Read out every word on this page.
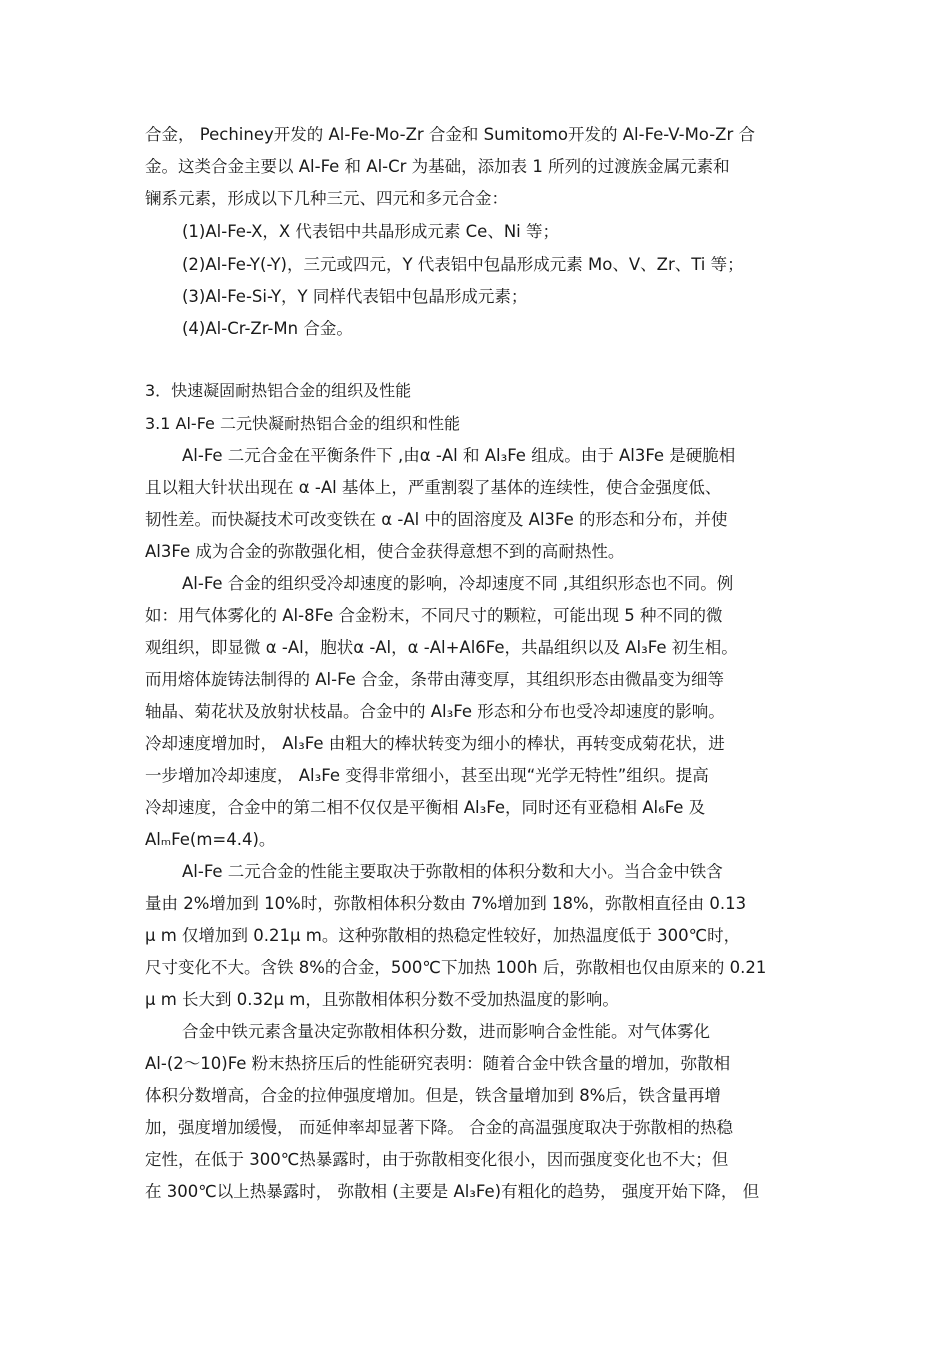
合金， Pechiney开发的 Al-Fe-Mo-Zr 合金和 Sumitomo开发的 Al-Fe-V-Mo-Zr 合
金。这类合金主要以 Al-Fe 和 Al-Cr 为基础，添加表 1 所列的过渡族金属元素和
镧系元素，形成以下几种三元、四元和多元合金：
(1)Al-Fe-X，X 代表铝中共晶形成元素 Ce、Ni 等；
(2)Al-Fe-Y(-Y)，三元或四元，Y 代表铝中包晶形成元素 Mo、V、Zr、Ti 等；
(3)Al-Fe-Si-Y，Y 同样代表铝中包晶形成元素；
(4)Al-Cr-Zr-Mn 合金。
3．快速凝固耐热铝合金的组织及性能
3.1 Al-Fe 二元快凝耐热铝合金的组织和性能
Al-Fe 二元合金在平衡条件下 ,由α -Al 和 Al₃Fe 组成。由于 Al3Fe 是硬脆相
且以粗大针状出现在 α -Al 基体上，严重割裂了基体的连续性，使合金强度低、
韧性差。而快凝技术可改变铁在 α -Al 中的固溶度及 Al3Fe 的形态和分布，并使
Al3Fe 成为合金的弥散强化相，使合金获得意想不到的高耐热性。
Al-Fe 合金的组织受冷却速度的影响，冷却速度不同 ,其组织形态也不同。例
如：用气体雾化的 Al-8Fe 合金粉末，不同尺寸的颗粒，可能出现 5 种不同的微
观组织，即显微 α -Al，胞状α -Al，α -Al+Al6Fe，共晶组织以及 Al₃Fe 初生相。
而用熔体旋铸法制得的 Al-Fe 合金，条带由薄变厚，其组织形态由微晶变为细等
轴晶、菊花状及放射状枝晶。合金中的 Al₃Fe 形态和分布也受冷却速度的影响。
冷却速度增加时， Al₃Fe 由粗大的棒状转变为细小的棒状，再转变成菊花状，进
一步增加冷却速度， Al₃Fe 变得非常细小，甚至出现“光学无特性”组织。提高
冷却速度，合金中的第二相不仅仅是平衡相 Al₃Fe，同时还有亚稳相 Al₆Fe 及
AlₘFe(m=4.4)。
Al-Fe 二元合金的性能主要取决于弥散相的体积分数和大小。当合金中铁含
量由 2%增加到 10%时，弥散相体积分数由 7%增加到 18%，弥散相直径由 0.13
μ m 仅增加到 0.21μ m。这种弥散相的热稳定性较好，加热温度低于 300℃时，
尺寸变化不大。含铁 8%的合金，500℃下加热 100h 后，弥散相也仅由原来的 0.21
μ m 长大到 0.32μ m，且弥散相体积分数不受加热温度的影响。
合金中铁元素含量决定弥散相体积分数，进而影响合金性能。对气体雾化
Al-(2～10)Fe 粉末热挤压后的性能研究表明：随着合金中铁含量的增加，弥散相
体积分数增高，合金的拉伸强度增加。但是，铁含量增加到 8%后，铁含量再增
加，强度增加缓慢， 而延伸率却显著下降。 合金的高温强度取决于弥散相的热稳
定性，在低于 300℃热暴露时，由于弥散相变化很小，因而强度变化也不大；但
在 300℃以上热暴露时， 弥散相 (主要是 Al₃Fe)有粗化的趋势， 强度开始下降， 但
